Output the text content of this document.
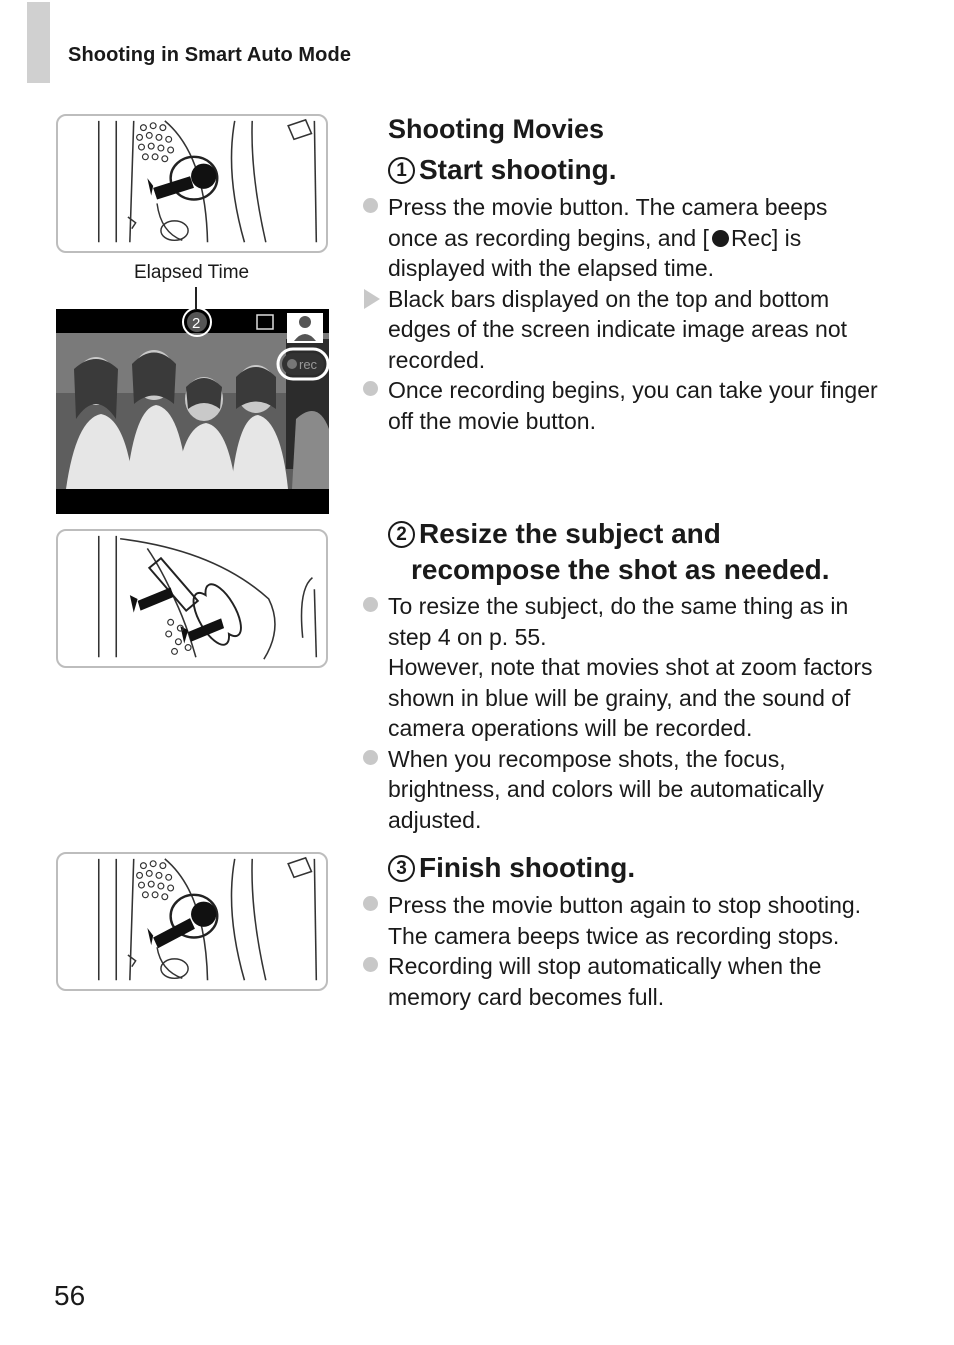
Shooting in Smart Auto Mode
Elapsed Time
2
rec
Shooting Movies
1 Start shooting.
Press the movie button. The camera beeps once as recording begins, and [ Rec] is displayed with the elapsed time.
Black bars displayed on the top and bottom edges of the screen indicate image areas not recorded.
Once recording begins, you can take your finger off the movie button.
2 Resize the subject and
recompose the shot as needed.
To resize the subject, do the same thing as in step 4 on p. 55.
However, note that movies shot at zoom factors shown in blue will be grainy, and the sound of camera operations will be recorded.
When you recompose shots, the focus, brightness, and colors will be automatically adjusted.
3 Finish shooting.
Press the movie button again to stop shooting. The camera beeps twice as recording stops.
Recording will stop automatically when the memory card becomes full.
56
